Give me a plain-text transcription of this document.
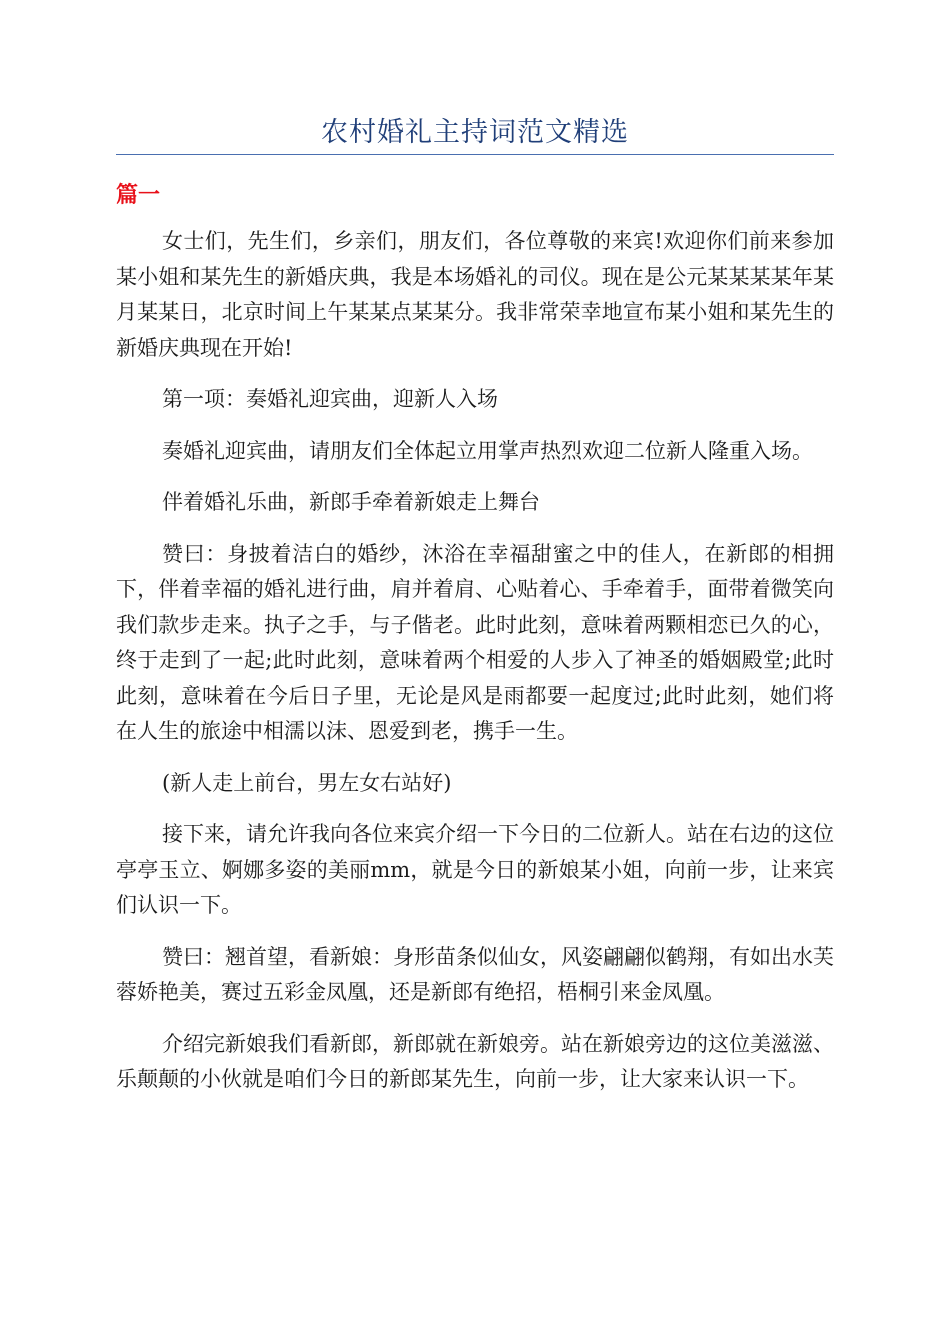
农村婚礼主持词范文精选
篇一

女士们，先生们，乡亲们，朋友们，各位尊敬的来宾!欢迎你们前来参加某小姐和某先生的新婚庆典，我是本场婚礼的司仪。现在是公元某某某某年某月某某日，北京时间上午某某点某某分。我非常荣幸地宣布某小姐和某先生的新婚庆典现在开始!

第一项：奏婚礼迎宾曲，迎新人入场

奏婚礼迎宾曲，请朋友们全体起立用掌声热烈欢迎二位新人隆重入场。

伴着婚礼乐曲，新郎手牵着新娘走上舞台

赞曰：身披着洁白的婚纱，沐浴在幸福甜蜜之中的佳人，在新郎的相拥下，伴着幸福的婚礼进行曲，肩并着肩、心贴着心、手牵着手，面带着微笑向我们款步走来。执子之手，与子偕老。此时此刻，意味着两颗相恋已久的心，终于走到了一起;此时此刻，意味着两个相爱的人步入了神圣的婚姻殿堂;此时此刻，意味着在今后日子里，无论是风是雨都要一起度过;此时此刻，她们将在人生的旅途中相濡以沫、恩爱到老，携手一生。

(新人走上前台，男左女右站好)

接下来，请允许我向各位来宾介绍一下今日的二位新人。站在右边的这位亭亭玉立、婀娜多姿的美丽mm，就是今日的新娘某小姐，向前一步，让来宾们认识一下。

赞曰：翘首望，看新娘：身形苗条似仙女，风姿翩翩似鹤翔，有如出水芙蓉娇艳美，赛过五彩金凤凰，还是新郎有绝招，梧桐引来金凤凰。

介绍完新娘我们看新郎，新郎就在新娘旁。站在新娘旁边的这位美滋滋、乐颠颠的小伙就是咱们今日的新郎某先生，向前一步，让大家来认识一下。
